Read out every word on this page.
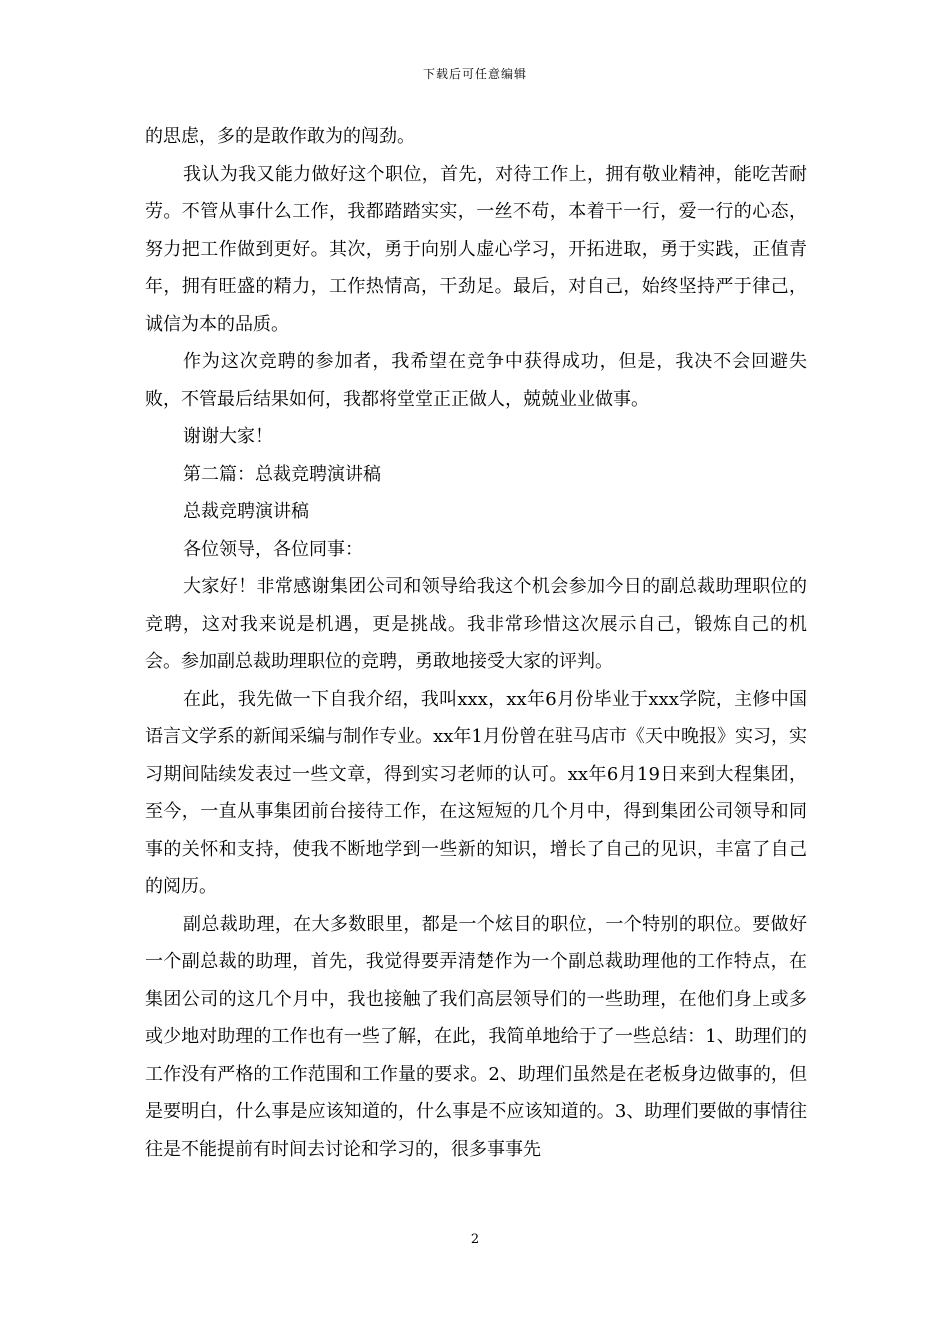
下载后可任意编辑

的思虑，多的是敢作敢为的闯劲。

我认为我又能力做好这个职位，首先，对待工作上，拥有敬业精神，能吃苦耐劳。不管从事什么工作，我都踏踏实实，一丝不苟，本着干一行，爱一行的心态，努力把工作做到更好。其次，勇于向别人虚心学习，开拓进取，勇于实践，正值青年，拥有旺盛的精力，工作热情高，干劲足。最后，对自己，始终坚持严于律己，诚信为本的品质。

作为这次竞聘的参加者，我希望在竞争中获得成功，但是，我决不会回避失败，不管最后结果如何，我都将堂堂正正做人，兢兢业业做事。

谢谢大家！

第二篇：总裁竞聘演讲稿

总裁竞聘演讲稿

各位领导，各位同事：

大家好！非常感谢集团公司和领导给我这个机会参加今日的副总裁助理职位的竞聘，这对我来说是机遇，更是挑战。我非常珍惜这次展示自己，锻炼自己的机会。参加副总裁助理职位的竞聘，勇敢地接受大家的评判。

在此，我先做一下自我介绍，我叫xxx，xx年6月份毕业于xxx学院，主修中国语言文学系的新闻采编与制作专业。xx年1月份曾在驻马店市《天中晚报》实习，实习期间陆续发表过一些文章，得到实习老师的认可。xx年6月19日来到大程集团，至今，一直从事集团前台接待工作，在这短短的几个月中，得到集团公司领导和同事的关怀和支持，使我不断地学到一些新的知识，增长了自己的见识，丰富了自己的阅历。

副总裁助理，在大多数眼里，都是一个炫目的职位，一个特别的职位。要做好一个副总裁的助理，首先，我觉得要弄清楚作为一个副总裁助理他的工作特点，在集团公司的这几个月中，我也接触了我们高层领导们的一些助理，在他们身上或多或少地对助理的工作也有一些了解，在此，我简单地给于了一些总结：1、助理们的工作没有严格的工作范围和工作量的要求。2、助理们虽然是在老板身边做事的，但是要明白，什么事是应该知道的，什么事是不应该知道的。3、助理们要做的事情往往是不能提前有时间去讨论和学习的，很多事事先

2
